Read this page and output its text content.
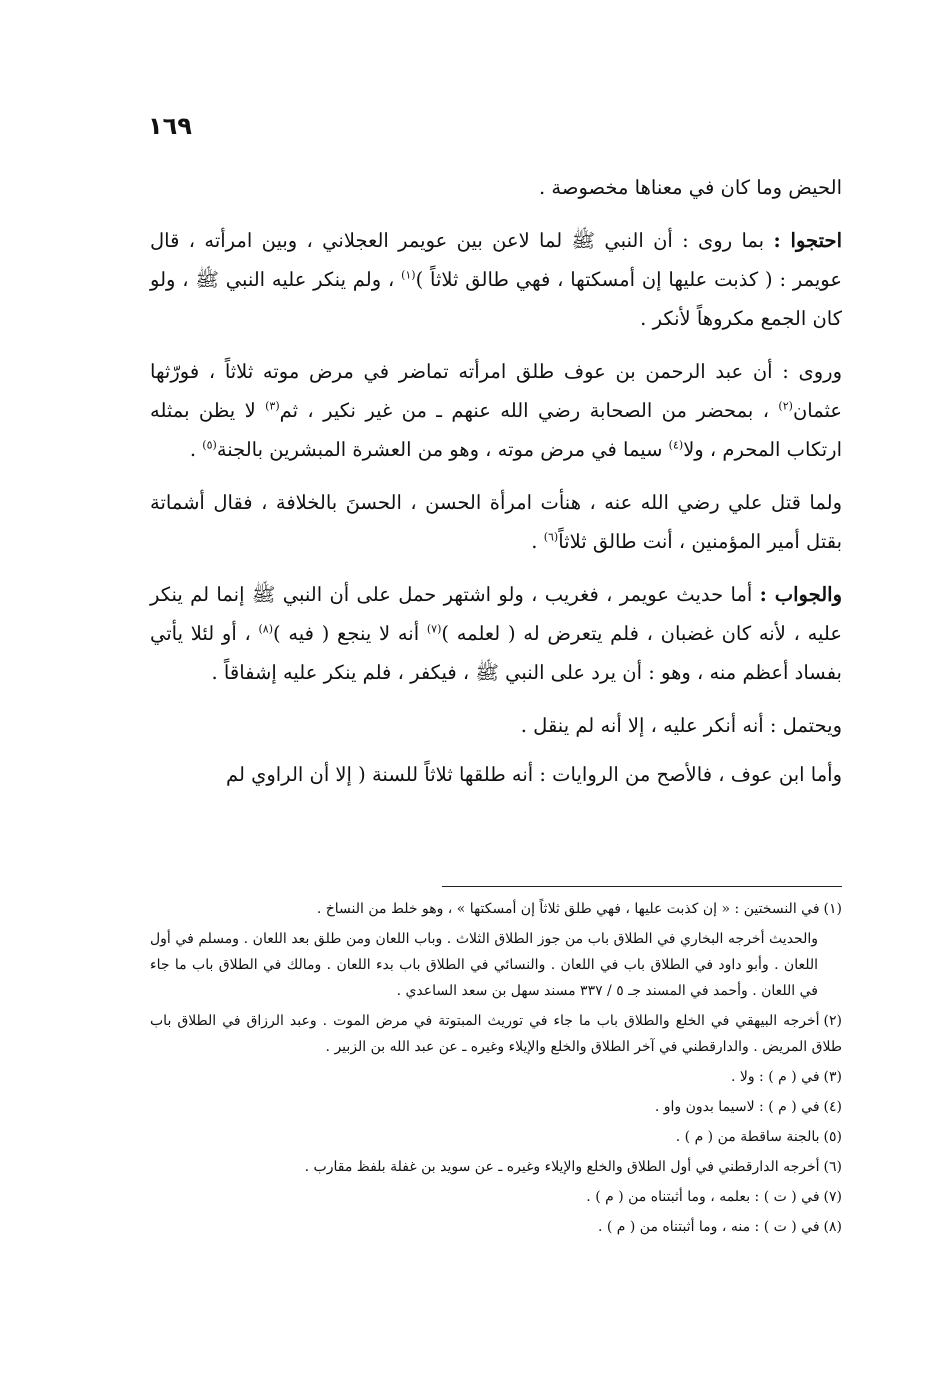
١٦٩

الحيض وما كان في معناها مخصوصة .

احتجوا : بما روى : أن النبي ﷺ لما لاعن بين عويمر العجلاني ، وبين امرأته ، قال عويمر : ( كذبت عليها إن أمسكتها ، فهي طالق ثلاثاً )$^{(١)}$ ، ولم ينكر عليه النبي ﷺ ، ولو كان الجمع مكروهاً لأنكر .

وروى : أن عبد الرحمن بن عوف طلق امرأته تماضر في مرض موته ثلاثاً ، فورّثها عثمان$^{(٢)}$ ، بمحضر من الصحابة رضي الله عنهم ـ من غير نكير ، ثم$^{(٣)}$ لا يظن بمثله ارتكاب المحرم ، ولا$^{(٤)}$ سيما في مرض موته ، وهو من العشرة المبشرين بالجنة$^{(٥)}$ .

ولما قتل علي رضي الله عنه ، هنأت امرأة الحسن ، الحسنَ بالخلافة ، فقال أشماتة بقتل أمير المؤمنين ، أنت طالق ثلاثاً$^{(٦)}$ .

والجواب : أما حديث عويمر ، فغريب ، ولو اشتهر حمل على أن النبي ﷺ إنما لم ينكر عليه ، لأنه كان غضبان ، فلم يتعرض له ( لعلمه )$^{(٧)}$ أنه لا ينجع ( فيه )$^{(٨)}$ ، أو لئلا يأتي بفساد أعظم منه ، وهو : أن يرد على النبي ﷺ ، فيكفر ، فلم ينكر عليه إشفاقاً .

ويحتمل : أنه أنكر عليه ، إلا أنه لم ينقل .

وأما ابن عوف ، فالأصح من الروايات : أنه طلقها ثلاثاً للسنة ( إلا أن الراوي لم

(١)في النسختين : « إن كذبت عليها ، فهي طلق ثلاثاً إن أمسكتها » ، وهو خلط من النساخ .
والحديث أخرجه البخاري في الطلاق باب من جوز الطلاق الثلاث . وباب اللعان ومن طلق بعد اللعان . ومسلم في أول اللعان . وأبو داود في الطلاق باب في اللعان . والنسائي في الطلاق باب بدء اللعان . ومالك في الطلاق باب ما جاء في اللعان . وأحمد في المسند جـ ٥ / ٣٣٧ مسند سهل بن سعد الساعدي .
(٢)أخرجه البيهقي في الخلع والطلاق باب ما جاء في توريث المبتوتة في مرض الموت . وعبد الرزاق في الطلاق باب طلاق المريض . والدارقطني في آخر الطلاق والخلع والإيلاء وغيره ـ عن عبد الله بن الزبير .
(٣)في ( م ) : ولا .
(٤)في ( م ) : لاسيما بدون واو .
(٥)بالجنة ساقطة من ( م ) .
(٦)أخرجه الدارقطني في أول الطلاق والخلع والإيلاء وغيره ـ عن سويد بن غفلة بلفظ مقارب .
(٧)في ( ت ) : بعلمه ، وما أثبتناه من ( م ) .
(٨)في ( ت ) : منه ، وما أثبتناه من ( م ) .
